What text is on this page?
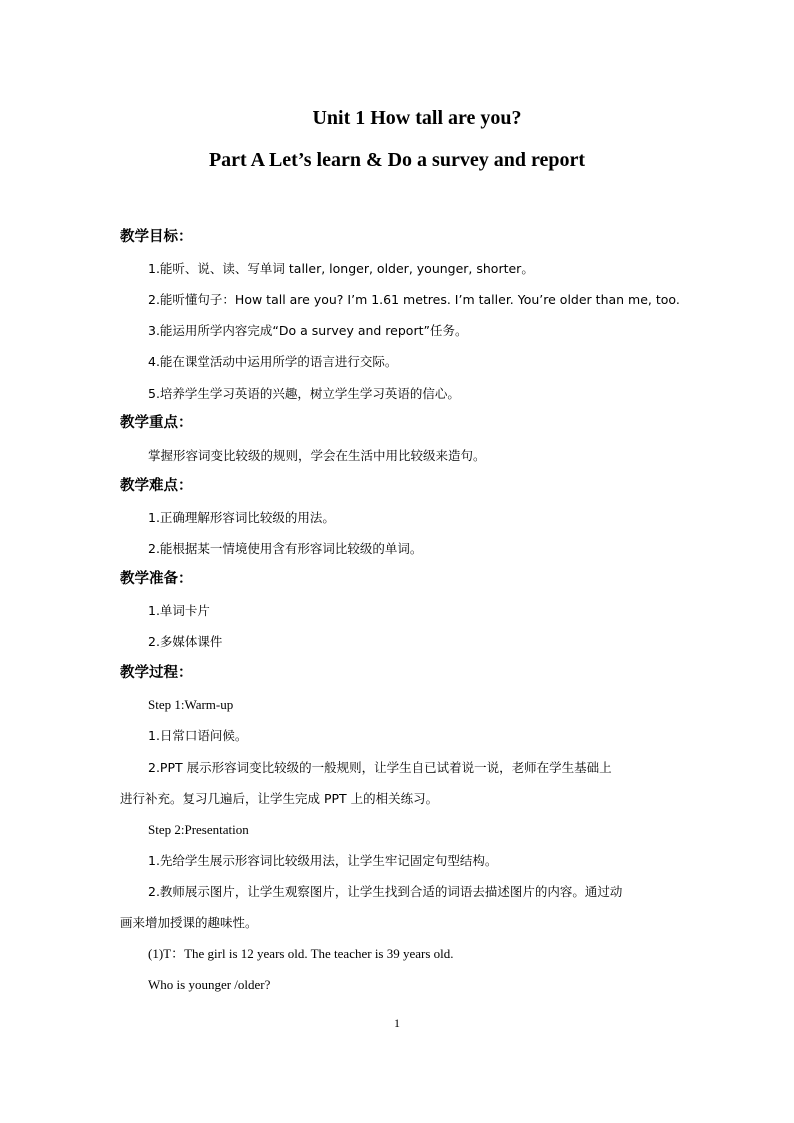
Unit 1 How tall are you?
Part A Let’s learn & Do a survey and report
教学目标：
1.能听、说、读、写单词 taller, longer, older, younger, shorter。
2.能听懂句子：How tall are you? I’m 1.61 metres. I’m taller. You’re older than me, too.
3.能运用所学内容完成“Do a survey and report”任务。
4.能在课堂活动中运用所学的语言进行交际。
5.培养学生学习英语的兴趣，树立学生学习英语的信心。
教学重点：
掌握形容词变比较级的规则，学会在生活中用比较级来造句。
教学难点：
1.正确理解形容词比较级的用法。
2.能根据某一情境使用含有形容词比较级的单词。
教学准备：
1.单词卡片
2.多媒体课件
教学过程：
Step 1:Warm-up
1.日常口语问候。
2.PPT 展示形容词变比较级的一般规则，让学生自已试着说一说，老师在学生基础上
进行补充。复习几遍后，让学生完成 PPT 上的相关练习。
Step 2:Presentation
1.先给学生展示形容词比较级用法，让学生牢记固定句型结构。
2.教师展示图片，让学生观察图片，让学生找到合适的词语去描述图片的内容。通过动
画来增加授课的趣味性。
(1)T：The girl is 12 years old. The teacher is 39 years old.
Who is younger /older?
1
